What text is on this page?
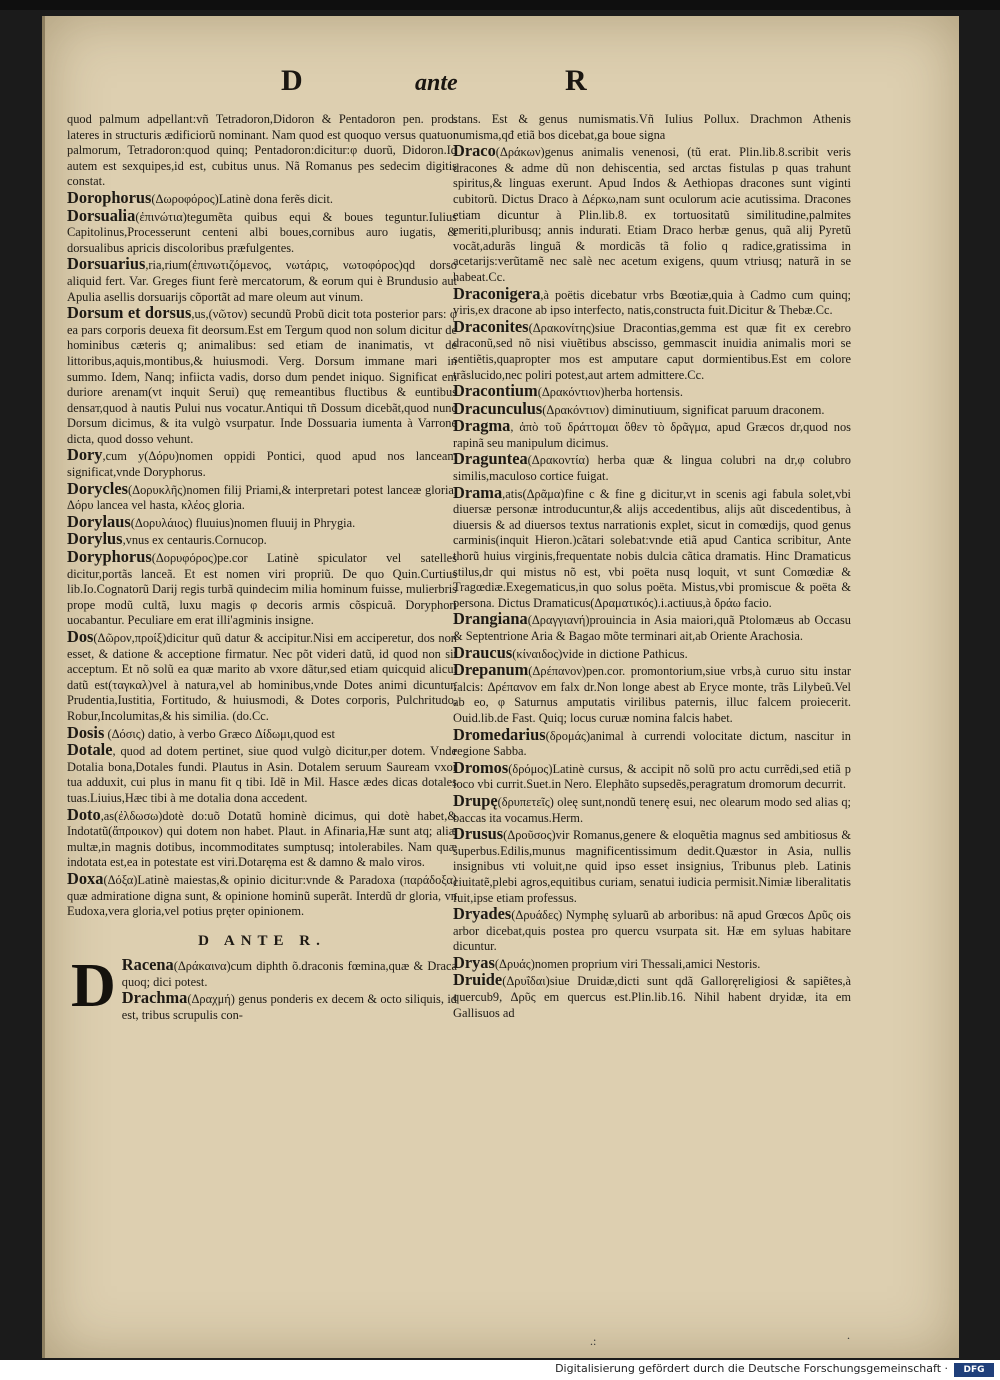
D	ante	R
quod palmum adpellant:vñ Tetradoron,Didoron & Pentadoron pen. prod. lateres in structuris ædificiorũ nominant. Nam quod est quoquo versus quatuor palmorum, Tetradoron:quod quinq; Pentadoron:dicitur:φ duorũ, Didoron.Id autem est sexquipes,id est, cubitus unus. Nã Romanus pes sedecim digitis constat.
Dorophorus(Δωροφόρος)Latinè dona ferẽs dicit.
Dorsualia(ἐπινώτια)tegumẽta quibus equi & boues teguntur.Iulius Capitolinus,Processerunt centeni albi boues,cornibus auro iugatis, & dorsualibus apricis discoloribus præfulgentes.
Dorsuarius,ria,rium(ἐπινωτιζόμενος, νωτάρις, νωτοφόρος)qd dorso aliquid fert. Var. Greges fiunt ferè mercatorum, & eorum qui è Brundusio aut Apulia asellis dorsuarijs cõportãt ad mare oleum aut vinum.
Dorsum et dorsus,us,(νῶτον) secundũ Probũ dicit tota posterior pars: φ ea pars corporis deuexa fit deorsum.Est em Tergum quod non solum dicitur de hominibus cæteris q; animalibus: sed etiam de inanimatis, vt de littoribus,aquis,montibus,& huiusmodi. Verg. Dorsum immane mari in summo. Idem, Nanq; infiicta vadis, dorso dum pendet iniquo. Significat em duriore arenam(vt inquit Serui) quę remeantibus fluctibus & euntibus densaт,quod à nautis Pului nus vocatur.Antiqui tñ Dossum dicebãt,quod nunc Dorsum dicimus, & ita vulgò vsurpatur. Inde Dossuaria iumenta à Varrone dicta, quod dosso vehunt.
Dory,cum y(Δόρυ)nomen oppidi Pontici, quod apud nos lanceam significat,vnde Doryphorus.
Dorycles(Δορυκλῆς)nomen filij Priami,& interpretari potest lanceæ gloria, Δόρυ lancea vel hasta, κλέος gloria.
Dorylaus(Δορυλάιος) fluuius)nomen fluuij in Phrygia.
Dorylus,vnus ex centauris.Cornucop.
Doryphorus(Δορυφόρος)pe.cor Latinè spiculator vel satelles dicitur,portãs lanceã. Et est nomen viri propriũ. De quo Quin.Curtius lib.Io.Cognatorũ Darij regis turbã quindecim milia hominum fuisse, mulierbris prope modũ cultã, luxu magis φ decoris armis cõspicuã. Doryphori uocabantur. Peculiare em erat illi'agminis insigne.
Dos(Δῶρον,προίξ)dicitur quũ datur & accipitur.Nisi em acciperetur, dos non esset, & datione & acceptione firmatur. Nec põt videri datũ, id quod non sit acceptum. Et nõ solũ ea quæ marito ab vxore dãtur,sed etiam quicquid alicui datũ est(ταγκαλ)vel à natura,vel ab hominibus,vnde Dotes animi dicuntur, Prudentia,Iustitia, Fortitudo, & huiusmodi, & Dotes corporis, Pulchritudo, Robur,Incolumitas,& his similia. (do.Cc.
Dosis (Δόσις) datio, à verbo Græco Δίδωμι,quod est
Dotale, quod ad dotem pertinet, siue quod vulgò dicitur,per dotem. Vnde Dotalia bona,Dotales fundi. Plautus in Asin. Dotalem seruum Sauream vxor tua adduxit, cui plus in manu fit q tibi. Idẽ in Mil. Hasce ædes dicas dotales tuas.Liuius,Hæc tibi à me dotalia dona accedent.
Doto,as(ἐλδωσω)dotè do:uõ Dotatũ hominè dicimus, qui dotè habet,& Indotatũ(ἄπροικον) qui dotem non habet. Plaut. in Afinaria,Hæ sunt atq; aliæ multæ,in magnis dotibus, incommoditates sumptusq; intolerabiles. Nam quæ indotata est,ea in potestate est viri.Dotaręma est & damno & malo viros.
Doxa(Δόξα)Latinè maiestas,& opinio dicitur:vnde & Paradoxa (παράδοξα) quæ admiratione digna sunt, & opinione hominũ superãt. Interdũ dr gloria, vn Eudoxa,vera gloria,vel potius pręter opinionem.
D ANTE R.
D Racena(Δράκαινα)cum diphth õ.draconis fœmina,quæ & Draca quoq; dici potest.
Drachma(Δραχμή) genus ponderis ex decem & octo siliquis, id est, tribus scrupulis con-
stans. Est & genus numismatis.Vñ Iulius Pollux. Drachmon Athenis numisma,qđ etiã bos dicebat,ga boue signa
Draco(Δράκων)genus animalis venenosi, (tũ erat. Plin.lib.8.scribit veris dracones & adme dũ non dehiscentia, sed arctas fistulas p quas trahunt spiritus,& linguas exerunt. Apud Indos & Aethiopas dracones sunt viginti cubitorũ. Dictus Draco à Δέρκω,nam sunt oculorum acie acutissima. Dracones etiam dicuntur à Plin.lib.8. ex tortuositatũ similitudine,palmites emeriti,pluribusq; annis indurati. Etiam Draco herbæ genus, quã alij Pyretũ vocãt,adurãs linguã & mordicãs tã folio q radice,gratissima in acetarijs:verũtamẽ nec salè nec acetum exigens, quum vtriusq; naturã in se habeat.Cc.
Draconigera,à poëtis dicebatur vrbs Bœotiæ,quia à Cadmo cum quinq; viris,ex dracone ab ipso interfecto, natis,constructa fuit.Dicitur & Thebæ.Cc.
Draconites(Δρακονίτης)siue Dracontias,gemma est quæ fit ex cerebro draconũ,sed nõ nisi viuẽtibus abscisso, gemmascit inuidia animalis mori se sentiẽtis,quapropter mos est amputare caput dormientibus.Est em colore trãslucido,nec poliri potest,aut artem admittere.Cc.
Dracontium(Δρακόντιον)herba hortensis.
Dracunculus(Δρακόντιον) diminutiuum, significat paruum draconem.
Dragma, ἀπὸ τοῦ δράττομαι ὅθεν τὸ δρᾶγμα, apud Græcos dr,quod nos rapinã seu manipulum dicimus.
Draguntea(Δρακοντία) herba quæ & lingua colubri na dr,φ colubro similis,maculoso cortice fuigat.
Drama,atis(Δρᾶμα)fine c & fine g dicitur,vt in scenis agi fabula solet,vbi diuersæ personæ introducuntur,& alijs accedentibus, alijs aũt discedentibus, à diuersis & ad diuersos textus narrationis explet, sicut in comœdijs, quod genus carminis(inquit Hieron.)cãtari solebat:vnde etiã apud Cantica scribitur, Ante thorũ huius virginis,frequentate nobis dulcia cãtica dramatis. Hinc Dramaticus stilus,dr qui mistus nõ est, vbi poëta nusq loquit, vt sunt Comœdiæ & Tragœdiæ.Exegematicus,in quo solus poëta. Mistus,vbi promiscue & poëta & persona. Dictus Dramaticus(Δραματικός).i.actiuus,à δράω facio.
Drangiana(Δραγγιανή)prouincia in Asia maiori,quã Ptolomæus ab Occasu & Septentrione Aria & Bagao mõte terminari ait,ab Oriente Arachosia.
Draucus(κίναιδος)vide in dictione Pathicus.
Drepanum(Δρέπανον)pen.cor. promontorium,siue vrbs,à curuo situ instar falcis: Δρέπανον em falx dr.Non longe abest ab Eryce monte, trãs Lilybeũ.Vel ab eo, φ Saturnus amputatis virilibus paternis, illuc falcem proiecerit. Ouid.lib.de Fast. Quiq; locus curuæ nomina falcis habet.
Dromedarius(δρομάς)animal à currendi volocitate dictum, nascitur in regione Sabba.
Dromos(δρόμος)Latinè cursus, & accipit nõ solũ pro actu currẽdi,sed etiã p loco vbi currit.Suet.in Nero. Elephãto supsedẽs,peragratum dromorum decurrit.
Drupę(δρυπετεῖς) oleę sunt,nondũ tenerę esui, nec olearum modo sed alias q; baccas ita vocamus.Herm.
Drusus(Δροῦσος)vir Romanus,genere & eloquẽtia magnus sed ambitiosus & superbus.Edilis,munus magnificentissimum dedit.Quæstor in Asia, nullis insignibus vti voluit,ne quid ipso esset insignius, Tribunus pleb. Latinis ciuitatẽ,plebi agros,equitibus curiam, senatui iudicia permisit.Nimiæ liberalitatis fuit,ipse etiam professus.
Dryades(Δρυάδες) Nymphę syluarũ ab arboribus: nã apud Grœcos Δρῦς ois arbor dicebat,quis postea pro quercu vsurpata sit. Hæ em syluas habitare dicuntur.
Dryas(Δρυάς)nomen proprium viri Thessali,amici Nestoris.
Druide(Δρυΐδαι)siue Druidæ,dicti sunt qdã Galloręreligiosi & sapiẽtes,à quercub9, Δρῦς em quercus est.Plin.lib.16. Nihil habent dryidæ, ita em Gallisuos ad
.:	.
Digitalisierung gefördert durch die Deutsche Forschungsgemeinschaft ·	DFG
